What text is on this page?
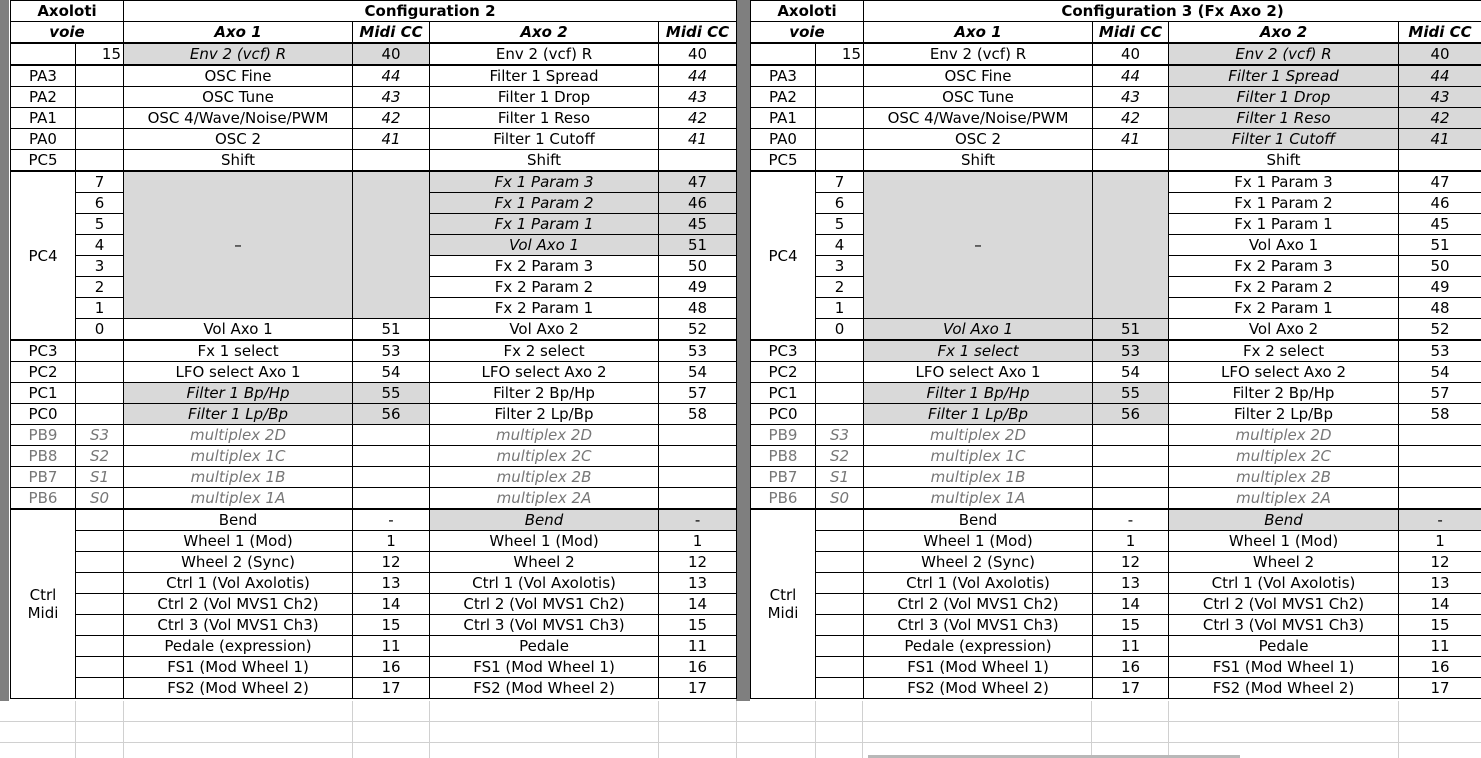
Axoloti		Configuration 2			
voie		Axo 1	Midi CC	Axo 2	Midi CC
	15	Env 2 (vcf) R	40	Env 2 (vcf) R	40
PA3		OSC Fine	44	Filter 1 Spread	44
PA2		OSC Tune	43	Filter 1 Drop	43
PA1		OSC 4/Wave/Noise/PWM	42	Filter 1 Reso	42
PA0		OSC 2	41	Filter 1 Cutoff	41
PC5		Shift		Shift	
PC4	7	–		Fx 1 Param 3	47
	6			Fx 1 Param 2	46
	5			Fx 1 Param 1	45
	4			Vol Axo 1	51
	3			Fx 2 Param 3	50
	2			Fx 2 Param 2	49
	1			Fx 2 Param 1	48
	0	Vol Axo 1	51	Vol Axo 2	52
PC3		Fx 1 select	53	Fx 2 select	53
PC2		LFO select Axo 1	54	LFO select Axo 2	54
PC1		Filter 1 Bp/Hp	55	Filter 2 Bp/Hp	57
PC0		Filter 1 Lp/Bp	56	Filter 2 Lp/Bp	58
PB9	S3	multiplex 2D		multiplex 2D	
PB8	S2	multiplex 1C		multiplex 2C	
PB7	S1	multiplex 1B		multiplex 2B	
PB6	S0	multiplex 1A		multiplex 2A	

Ctrl
Midi		Bend	-	Bend	-
		Wheel 1 (Mod)	1	Wheel 1 (Mod)	1
		Wheel 2 (Sync)	12	Wheel 2	12
		Ctrl 1 (Vol Axolotis)	13	Ctrl 1 (Vol Axolotis)	13
		Ctrl 2 (Vol MVS1 Ch2)	14	Ctrl 2 (Vol MVS1 Ch2)	14
		Ctrl 3 (Vol MVS1 Ch3)	15	Ctrl 3 (Vol MVS1 Ch3)	15
		Pedale (expression)	11	Pedale	11
		FS1 (Mod Wheel 1)	16	FS1 (Mod Wheel 1)	16
		FS2 (Mod Wheel 2)	17	FS2 (Mod Wheel 2)	17
Axoloti		Configuration 3 (Fx Axo 2)			
voie		Axo 1	Midi CC	Axo 2	Midi CC
	15	Env 2 (vcf) R	40	Env 2 (vcf) R	40
PA3		OSC Fine	44	Filter 1 Spread	44
PA2		OSC Tune	43	Filter 1 Drop	43
PA1		OSC 4/Wave/Noise/PWM	42	Filter 1 Reso	42
PA0		OSC 2	41	Filter 1 Cutoff	41
PC5		Shift		Shift	
PC4	7	–		Fx 1 Param 3	47
	6			Fx 1 Param 2	46
	5			Fx 1 Param 1	45
	4			Vol Axo 1	51
	3			Fx 2 Param 3	50
	2			Fx 2 Param 2	49
	1			Fx 2 Param 1	48
	0	Vol Axo 1	51	Vol Axo 2	52
PC3		Fx 1 select	53	Fx 2 select	53
PC2		LFO select Axo 1	54	LFO select Axo 2	54
PC1		Filter 1 Bp/Hp	55	Filter 2 Bp/Hp	57
PC0		Filter 1 Lp/Bp	56	Filter 2 Lp/Bp	58
PB9	S3	multiplex 2D		multiplex 2D	
PB8	S2	multiplex 1C		multiplex 2C	
PB7	S1	multiplex 1B		multiplex 2B	
PB6	S0	multiplex 1A		multiplex 2A	

Ctrl
Midi		Bend	-	Bend	-
		Wheel 1 (Mod)	1	Wheel 1 (Mod)	1
		Wheel 2 (Sync)	12	Wheel 2	12
		Ctrl 1 (Vol Axolotis)	13	Ctrl 1 (Vol Axolotis)	13
		Ctrl 2 (Vol MVS1 Ch2)	14	Ctrl 2 (Vol MVS1 Ch2)	14
		Ctrl 3 (Vol MVS1 Ch3)	15	Ctrl 3 (Vol MVS1 Ch3)	15
		Pedale (expression)	11	Pedale	11
		FS1 (Mod Wheel 1)	16	FS1 (Mod Wheel 1)	16
		FS2 (Mod Wheel 2)	17	FS2 (Mod Wheel 2)	17
